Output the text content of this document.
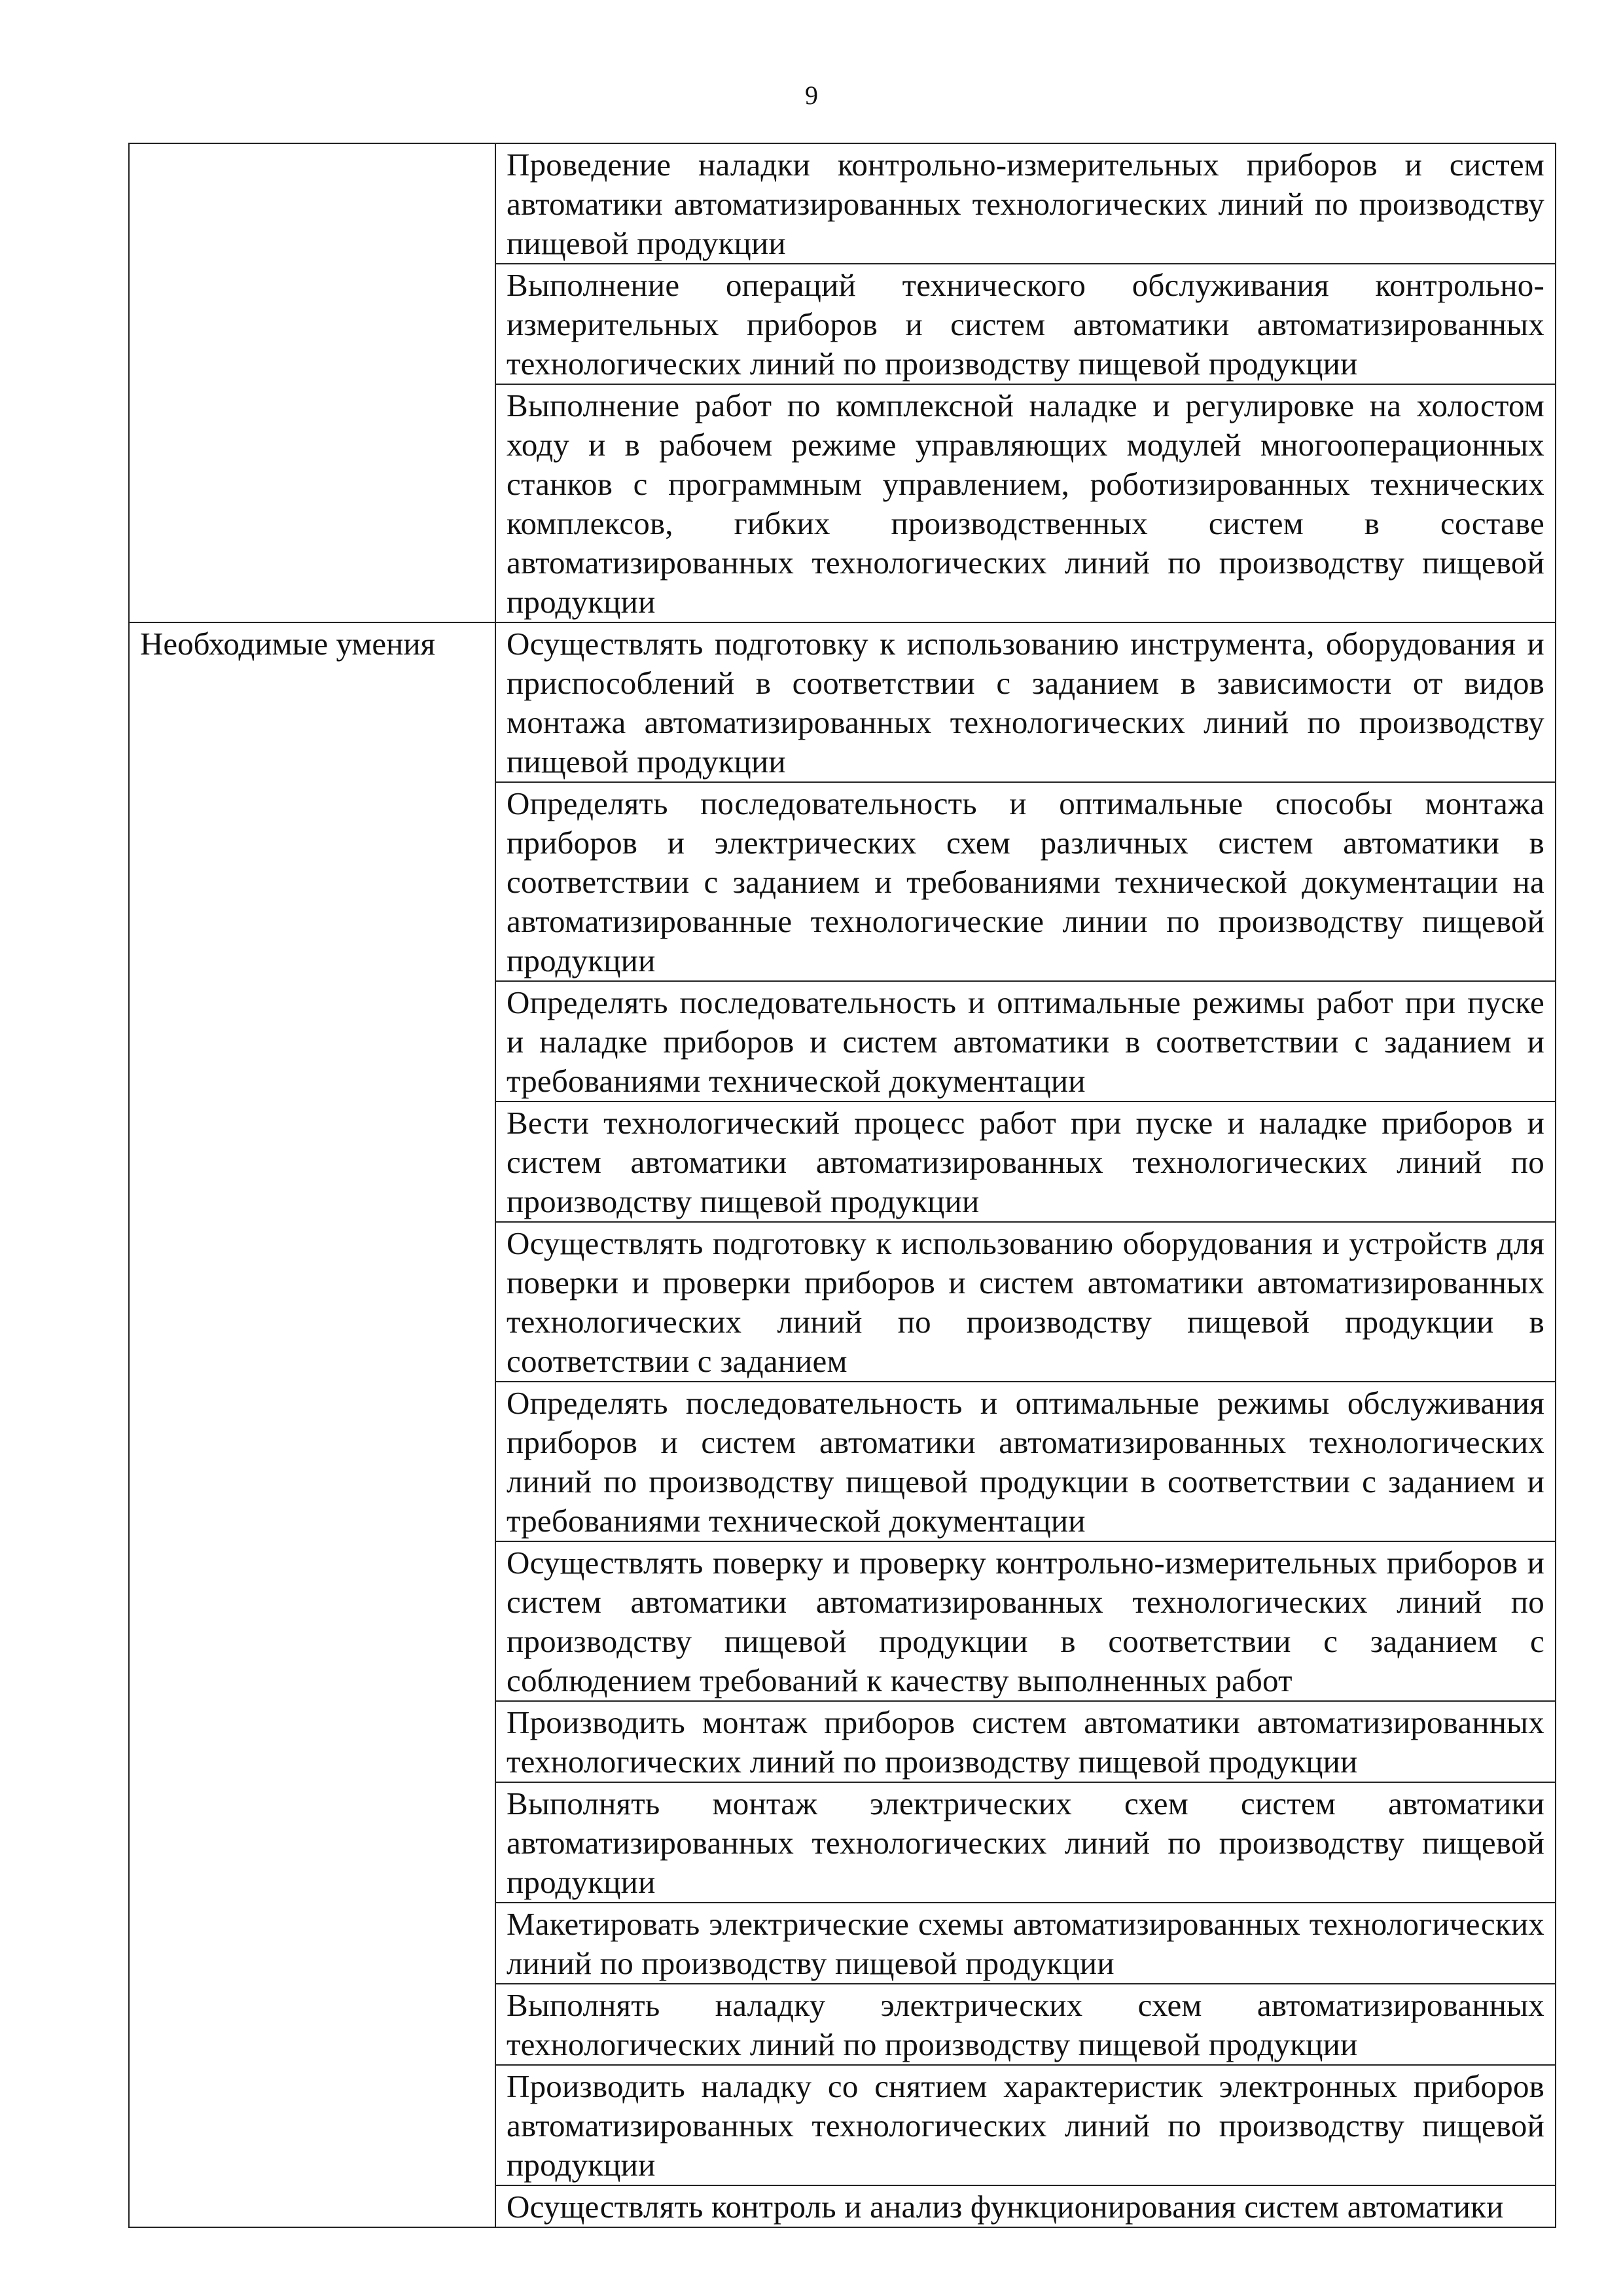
9
	Проведение наладки контрольно-измерительных приборов и систем автоматики автоматизированных технологических линий по производству пищевой продукции
	Выполнение операций технического обслуживания контрольно-измерительных приборов и систем автоматики автоматизированных технологических линий по производству пищевой продукции
	Выполнение работ по комплексной наладке и регулировке на холостом ходу и в рабочем режиме управляющих модулей многооперационных станков с программным управлением, роботизированных технических комплексов, гибких производственных систем в составе автоматизированных технологических линий по производству пищевой продукции
Необходимые умения	Осуществлять подготовку к использованию инструмента, оборудования и приспособлений в соответствии с заданием в зависимости от видов монтажа автоматизированных технологических линий по производству пищевой продукции
	Определять последовательность и оптимальные способы монтажа приборов и электрических схем различных систем автоматики в соответствии с заданием и требованиями технической документации на автоматизированные технологические линии по производству пищевой продукции
	Определять последовательность и оптимальные режимы работ при пуске и наладке приборов и систем автоматики в соответствии с заданием и требованиями технической документации
	Вести технологический процесс работ при пуске и наладке приборов и систем автоматики автоматизированных технологических линий по производству пищевой продукции
	Осуществлять подготовку к использованию оборудования и устройств для поверки и проверки приборов и систем автоматики автоматизированных технологических линий по производству пищевой продукции в соответствии с заданием
	Определять последовательность и оптимальные режимы обслуживания приборов и систем автоматики автоматизированных технологических линий по производству пищевой продукции в соответствии с заданием и требованиями технической документации
	Осуществлять поверку и проверку контрольно-измерительных приборов и систем автоматики автоматизированных технологических линий по производству пищевой продукции в соответствии с заданием с соблюдением требований к качеству выполненных работ
	Производить монтаж приборов систем автоматики автоматизированных технологических линий по производству пищевой продукции
	Выполнять монтаж электрических схем систем автоматики автоматизированных технологических линий по производству пищевой продукции
	Макетировать электрические схемы автоматизированных технологических линий по производству пищевой продукции
	Выполнять наладку электрических схем автоматизированных технологических линий по производству пищевой продукции
	Производить наладку со снятием характеристик электронных приборов автоматизированных технологических линий по производству пищевой продукции
	Осуществлять контроль и анализ функционирования систем автоматики
